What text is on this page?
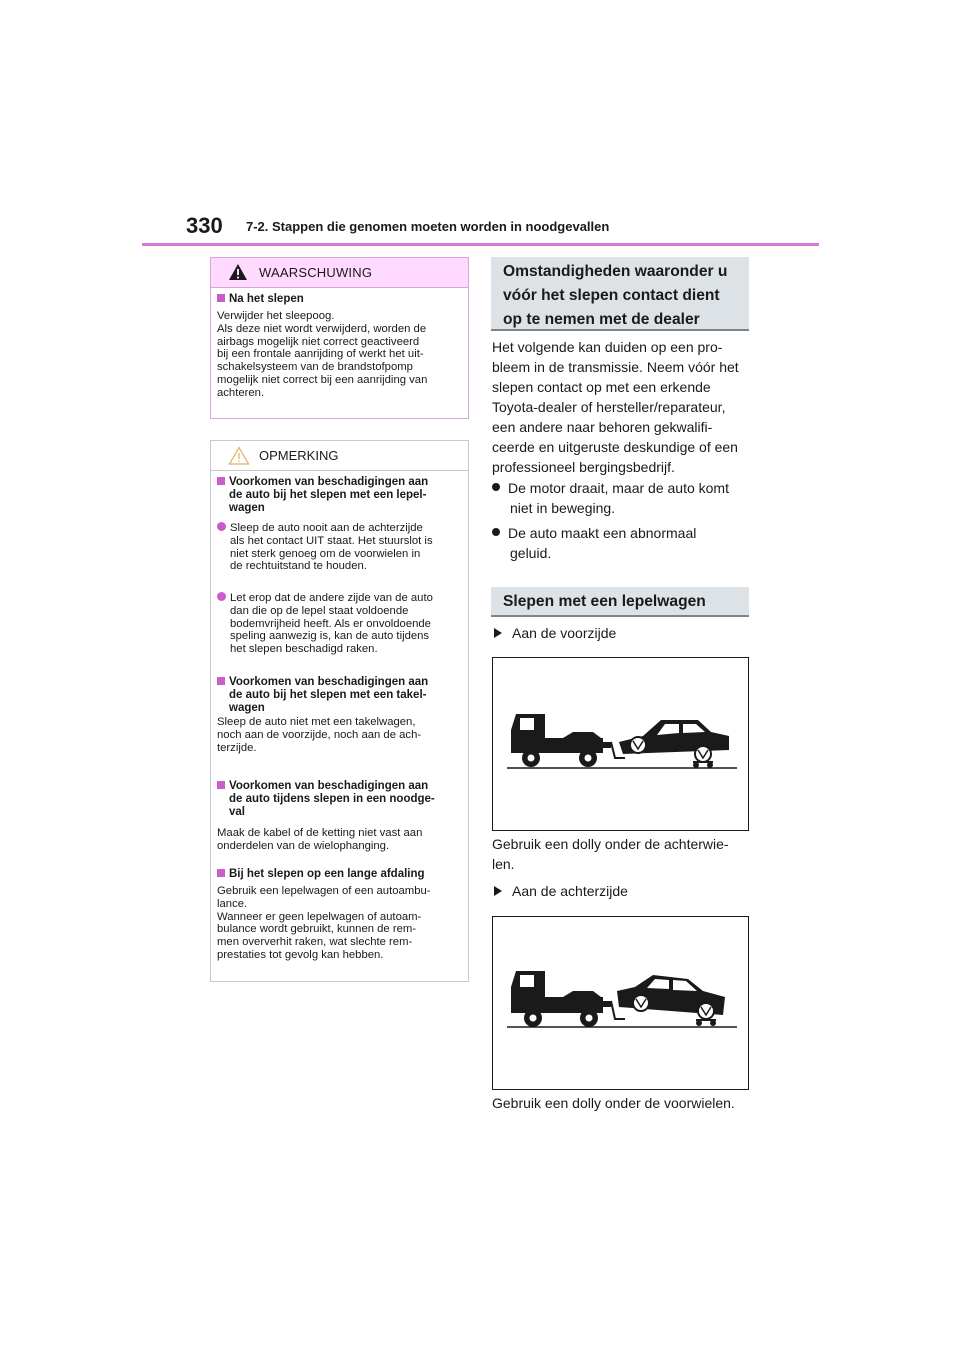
330 7-2. Stappen die genomen moeten worden in noodgevallen
WAARSCHUWING
Na het slepen
Verwijder het sleepoog.
Als deze niet wordt verwijderd, worden de
airbags mogelijk niet correct geactiveerd
bij een frontale aanrijding of werkt het uit-
schakelsysteem van de brandstofpomp
mogelijk niet correct bij een aanrijding van
achteren.
OPMERKING
Voorkomen van beschadigingen aan
de auto bij het slepen met een lepel-
wagen
Sleep de auto nooit aan de achterzijde
als het contact UIT staat. Het stuurslot is
niet sterk genoeg om de voorwielen in
de rechtuitstand te houden.
Let erop dat de andere zijde van de auto
dan die op de lepel staat voldoende
bodemvrijheid heeft. Als er onvoldoende
speling aanwezig is, kan de auto tijdens
het slepen beschadigd raken.
Voorkomen van beschadigingen aan
de auto bij het slepen met een takel-
wagen
Sleep de auto niet met een takelwagen,
noch aan de voorzijde, noch aan de ach-
terzijde.
Voorkomen van beschadigingen aan
de auto tijdens slepen in een noodge-
val
Maak de kabel of de ketting niet vast aan
onderdelen van de wielophanging.
Bij het slepen op een lange afdaling
Gebruik een lepelwagen of een autoambu-
lance.
Wanneer er geen lepelwagen of autoam-
bulance wordt gebruikt, kunnen de rem-
men oververhit raken, wat slechte rem-
prestaties tot gevolg kan hebben.
Omstandigheden waaronder u
vóór het slepen contact dient
op te nemen met de dealer
Het volgende kan duiden op een pro-
bleem in de transmissie. Neem vóór het
slepen contact op met een erkende
Toyota-dealer of hersteller/reparateur,
een andere naar behoren gekwalifi-
ceerde en uitgeruste deskundige of een
professioneel bergingsbedrijf.
De motor draait, maar de auto komt
niet in beweging.
De auto maakt een abnormaal
geluid.
Slepen met een lepelwagen
Aan de voorzijde
Gebruik een dolly onder de achterwie-
len.
Aan de achterzijde
Gebruik een dolly onder de voorwielen.
